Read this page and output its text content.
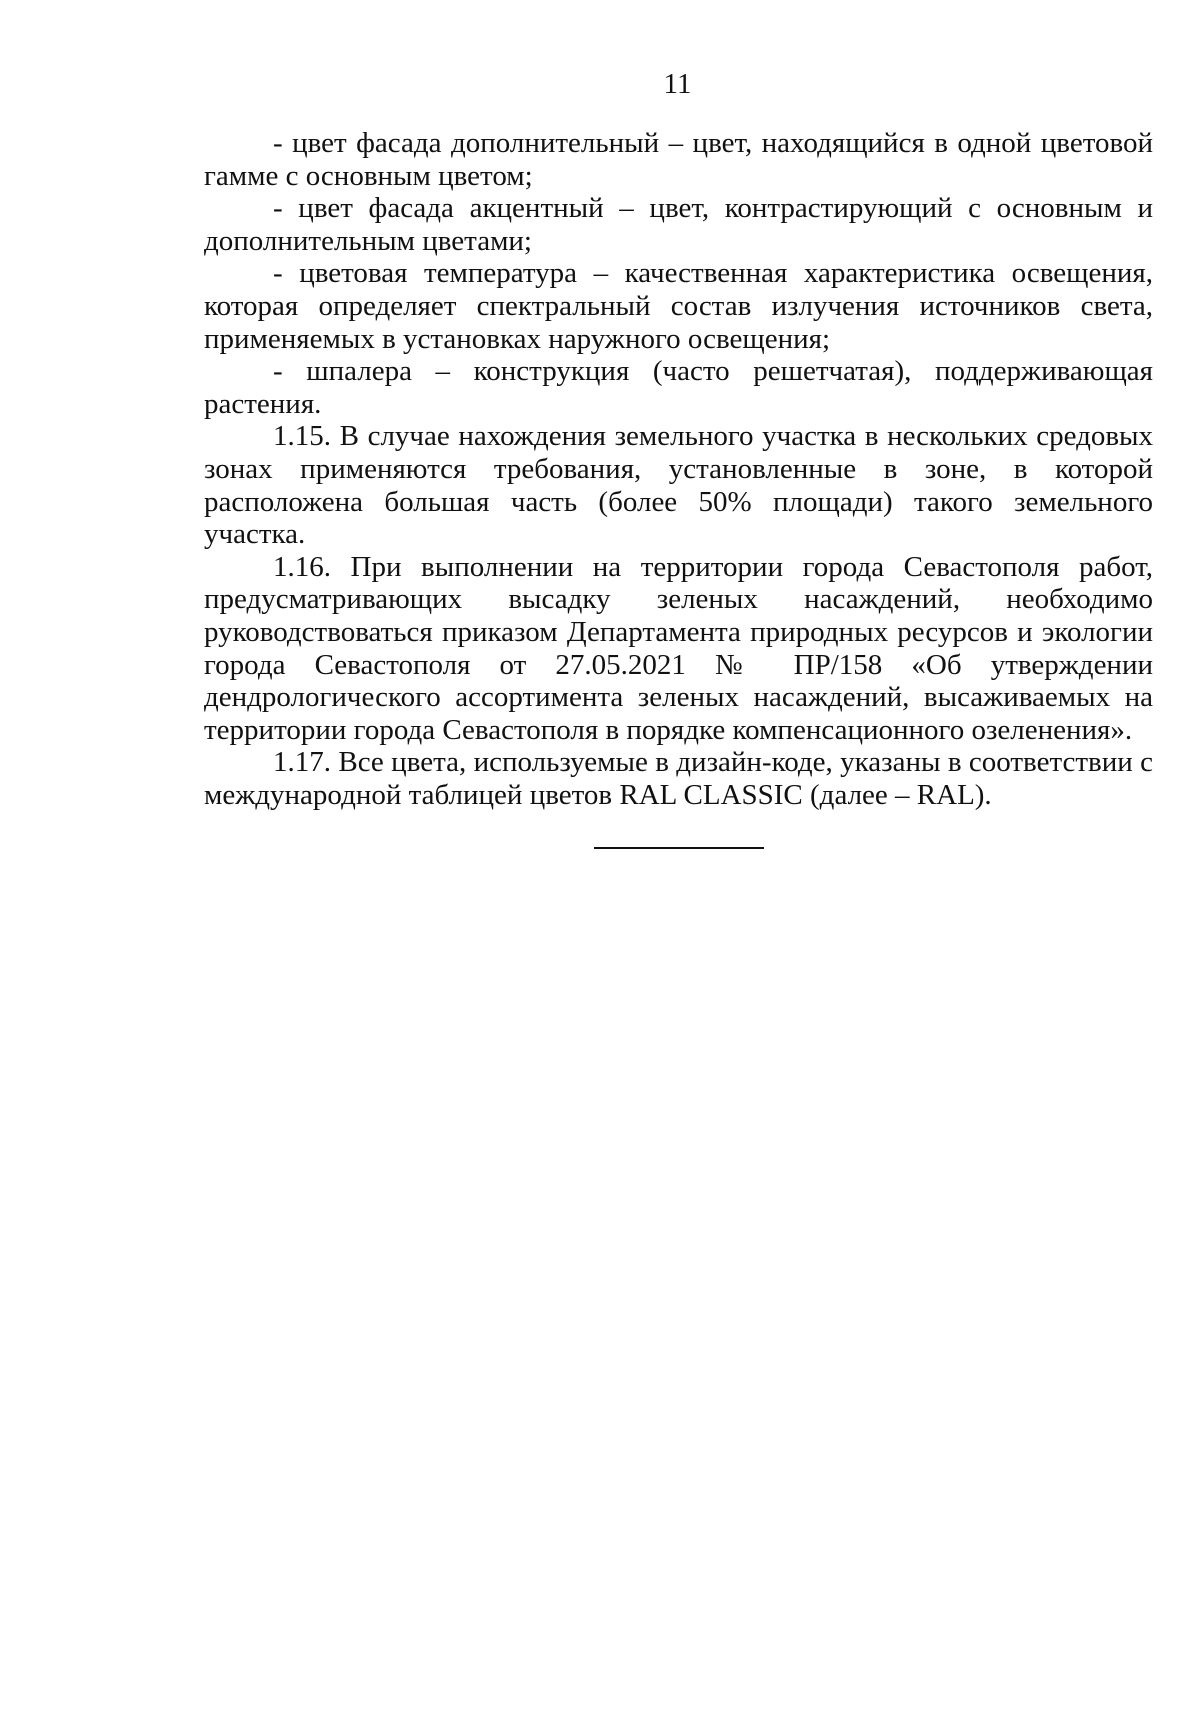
11

- цвет фасада дополнительный – цвет, находящийся в одной цветовой гамме с основным цветом;

- цвет фасада акцентный – цвет, контрастирующий с основным и дополнительным цветами;

- цветовая температура – качественная характеристика освещения, которая определяет спектральный состав излучения источников света, применяемых в установках наружного освещения;

- шпалера – конструкция (часто решетчатая), поддерживающая растения.

1.15. В случае нахождения земельного участка в нескольких средовых зонах применяются требования, установленные в зоне, в которой расположена большая часть (более 50% площади) такого земельного участка.

1.16. При выполнении на территории города Севастополя работ, предусматривающих высадку зеленых насаждений, необходимо руководствоваться приказом Департамента природных ресурсов и экологии города Севастополя от 27.05.2021 № ПР/158 «Об утверждении дендрологического ассортимента зеленых насаждений, высаживаемых на территории города Севастополя в порядке компенсационного озеленения».

1.17. Все цвета, используемые в дизайн-коде, указаны в соответствии с международной таблицей цветов RAL CLASSIC (далее – RAL).
